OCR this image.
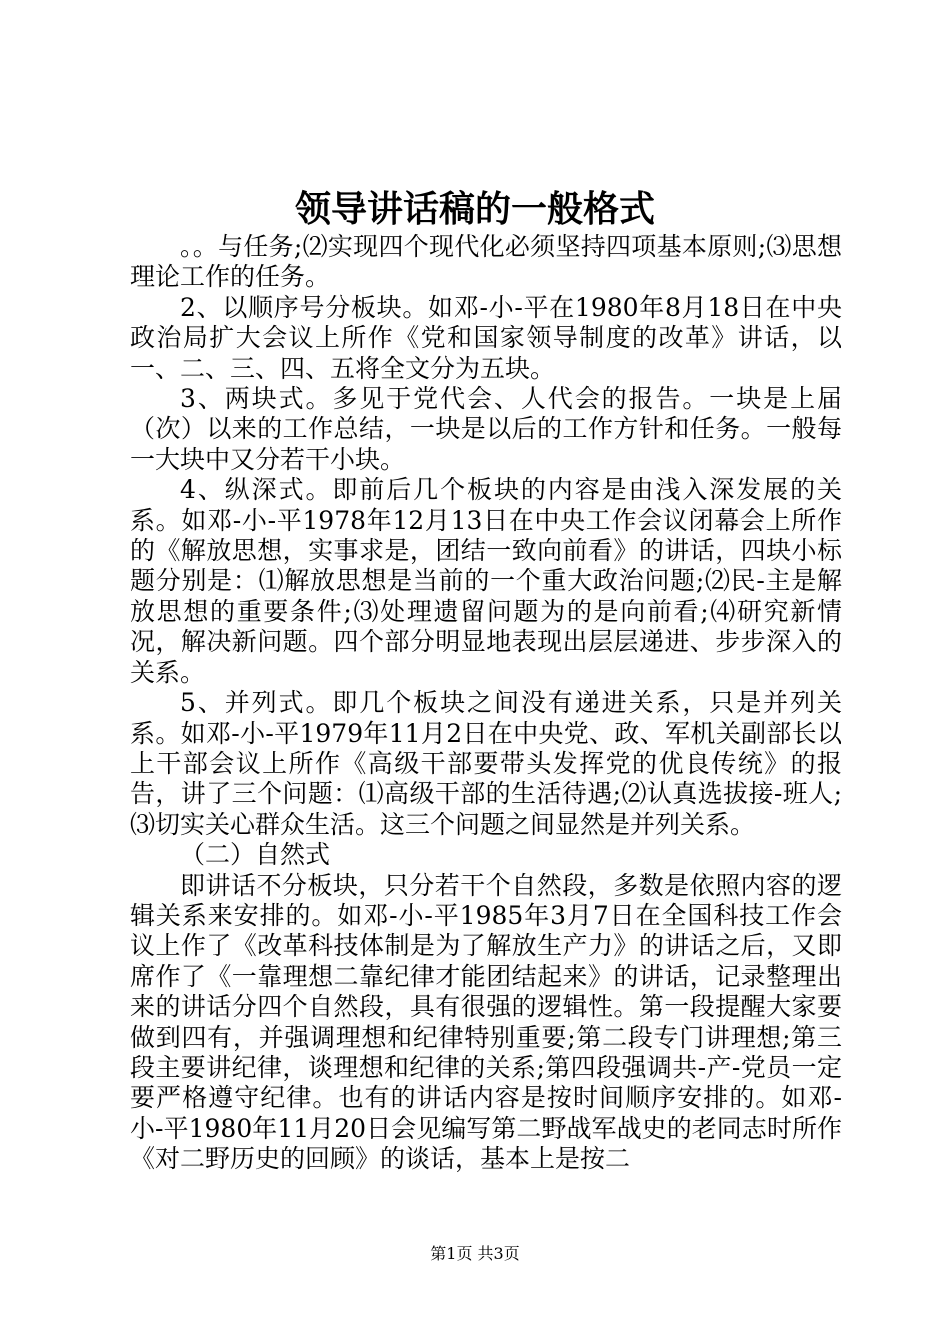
领导讲话稿的一般格式

。。与任务;⑵实现四个现代化必须坚持四项基本原则;⑶思想理论工作的任务。

2、以顺序号分板块。如邓-小-平在1980年8月18日在中央政治局扩大会议上所作《党和国家领导制度的改革》讲话，以一、二、三、四、五将全文分为五块。

3、两块式。多见于党代会、人代会的报告。一块是上届（次）以来的工作总结，一块是以后的工作方针和任务。一般每一大块中又分若干小块。

4、纵深式。即前后几个板块的内容是由浅入深发展的关系。如邓-小-平1978年12月13日在中央工作会议闭幕会上所作的《解放思想，实事求是，团结一致向前看》的讲话，四块小标题分别是：⑴解放思想是当前的一个重大政治问题;⑵民-主是解放思想的重要条件;⑶处理遗留问题为的是向前看;⑷研究新情况，解决新问题。四个部分明显地表现出层层递进、步步深入的关系。

5、并列式。即几个板块之间没有递进关系，只是并列关系。如邓-小-平1979年11月2日在中央党、政、军机关副部长以上干部会议上所作《高级干部要带头发挥党的优良传统》的报告，讲了三个问题：⑴高级干部的生活待遇;⑵认真选拔接-班人;⑶切实关心群众生活。这三个问题之间显然是并列关系。

（二）自然式

即讲话不分板块，只分若干个自然段，多数是依照内容的逻辑关系来安排的。如邓-小-平1985年3月7日在全国科技工作会议上作了《改革科技体制是为了解放生产力》的讲话之后，又即席作了《一靠理想二靠纪律才能团结起来》的讲话，记录整理出来的讲话分四个自然段，具有很强的逻辑性。第一段提醒大家要做到四有，并强调理想和纪律特别重要;第二段专门讲理想;第三段主要讲纪律，谈理想和纪律的关系;第四段强调共-产-党员一定要严格遵守纪律。也有的讲话内容是按时间顺序安排的。如邓-小-平1980年11月20日会见编写第二野战军战史的老同志时所作《对二野历史的回顾》的谈话，基本上是按二

第1页 共3页
